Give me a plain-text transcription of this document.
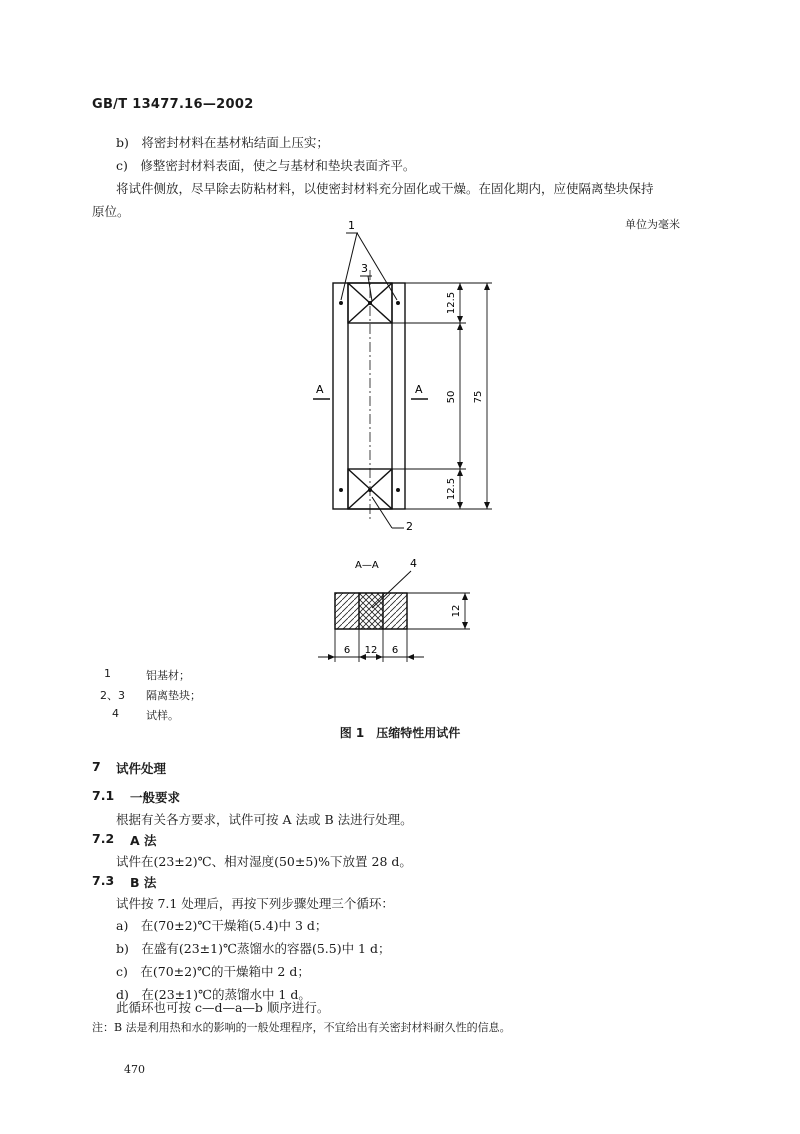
GB/T 13477.16—2002
b)　将密封材料在基材粘结面上压实；
c)　修整密封材料表面，使之与基材和垫块表面齐平。
将试件侧放，尽早除去防粘材料，以使密封材料充分固化或干燥。在固化期内，应使隔离垫块保持
原位。
单位为毫米
1
3
2
A	A
12.5
50
12.5
75
A—A	4
12
6 12 6
1	铝基材；
2、3 隔离垫块；
4 试样。
图 1　压缩特性用试件
7 试件处理
7.1 一般要求
根据有关各方要求，试件可按 A 法或 B 法进行处理。
7.2 A 法
试件在(23±2)℃、相对湿度(50±5)%下放置 28 d。
7.3 B 法
试件按 7.1 处理后，再按下列步骤处理三个循环：
a)　在(70±2)℃干燥箱(5.4)中 3 d；
b)　在盛有(23±1)℃蒸馏水的容器(5.5)中 1 d；
c)　在(70±2)℃的干燥箱中 2 d；
d)　在(23±1)℃的蒸馏水中 1 d。
此循环也可按 c—d—a—b 顺序进行。
注：B 法是利用热和水的影响的一般处理程序，不宜给出有关密封材料耐久性的信息。
470
